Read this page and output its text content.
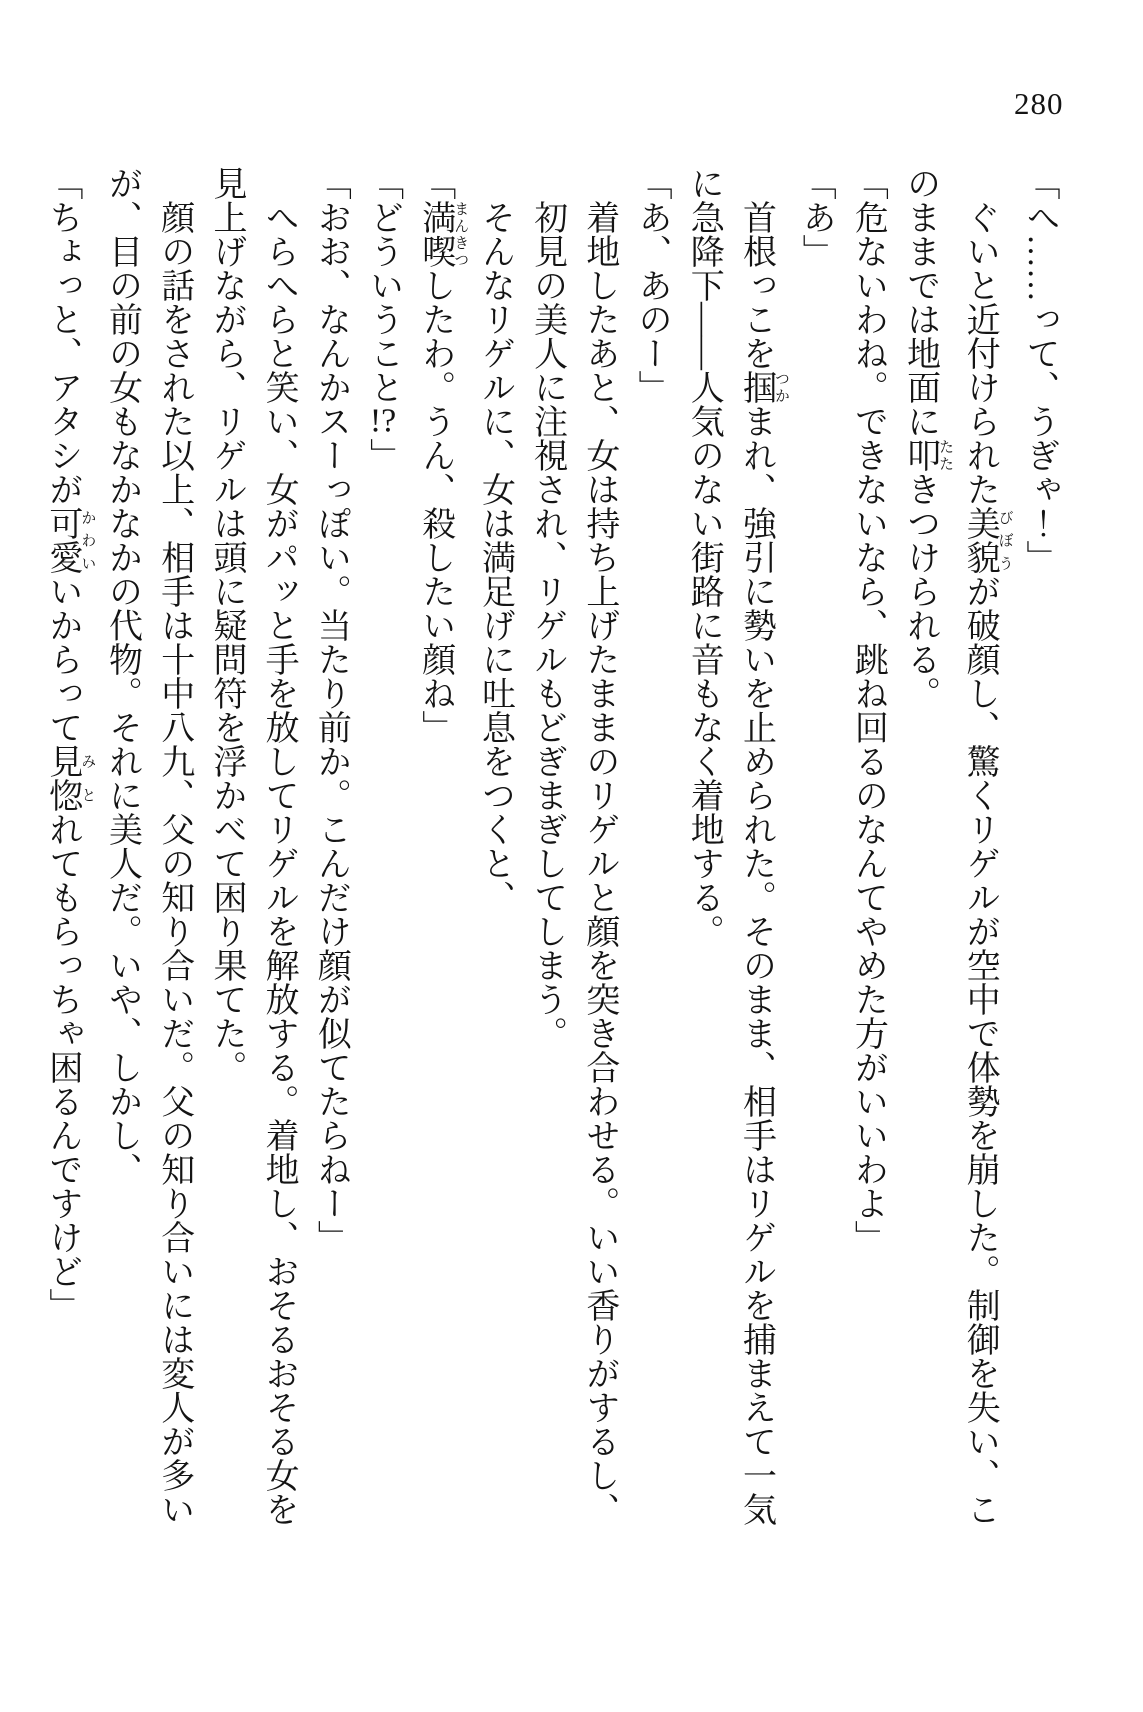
280

「へ……って、うぎゃ！」

ぐいと近付けられた美貌びぼうが破顔し、驚くリゲルが空中で体勢を崩した。制御を失い、こ

のままでは地面に叩たたきつけられる。

「危ないわね。できないなら、跳ね回るのなんてやめた方がいいわよ」

「あ」

首根っこを掴つかまれ、強引に勢いを止められた。そのまま、相手はリゲルを捕まえて一気

に急降下――人気のない街路に音もなく着地する。

「あ、あのー」

着地したあと、女は持ち上げたままのリゲルと顔を突き合わせる。いい香りがするし、

初見の美人に注視され、リゲルもどぎまぎしてしまう。

そんなリゲルに、女は満足げに吐息をつくと、

「満喫まんきつしたわ。うん、殺したい顔ね」

「どういうこと!?」

「おお、なんかスーっぽい。当たり前か。こんだけ顔が似てたらねー」

へらへらと笑い、女がパッと手を放してリゲルを解放する。着地し、おそるおそる女を

見上げながら、リゲルは頭に疑問符を浮かべて困り果てた。

顔の話をされた以上、相手は十中八九、父の知り合いだ。父の知り合いには変人が多い

が、目の前の女もなかなかの代物。それに美人だ。いや、しかし、

「ちょっと、アタシが可愛かわいいからって見惚みとれてもらっちゃ困るんですけど」
